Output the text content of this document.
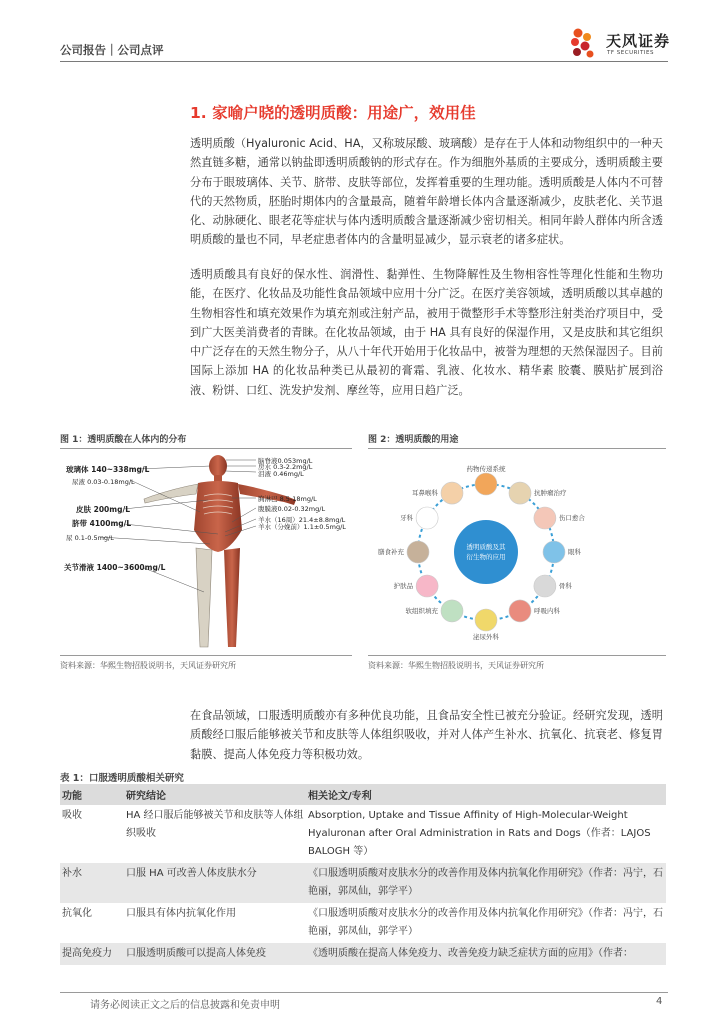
公司报告｜公司点评	天风证券
TF SECURITIES
1. 家喻户晓的透明质酸：用途广，效用佳

透明质酸（Hyaluronic Acid、HA，又称玻尿酸、玻璃酸）是存在于人体和动物组织中的一种天然直链多糖，通常以钠盐即透明质酸钠的形式存在。作为细胞外基质的主要成分，透明质酸主要分布于眼玻璃体、关节、脐带、皮肤等部位，发挥着重要的生理功能。透明质酸是人体内不可替代的天然物质，胚胎时期体内的含量最高，随着年龄增长体内含量逐渐减少，皮肤老化、关节退化、动脉硬化、眼老花等症状与体内透明质酸含量逐渐减少密切相关。相同年龄人群体内所含透明质酸的量也不同，早老症患者体内的含量明显减少，显示衰老的诸多症状。

透明质酸具有良好的保水性、润滑性、黏弹性、生物降解性及生物相容性等理化性能和生物功能，在医疗、化妆品及功能性食品领域中应用十分广泛。在医疗美容领域，透明质酸以其卓越的生物相容性和填充效果作为填充剂或注射产品，被用于微整形手术等整形注射类治疗项目中，受到广大医美消费者的青睐。在化妆品领域，由于 HA 具有良好的保湿作用，又是皮肤和其它组织中广泛存在的天然生物分子，从八十年代开始用于化妆品中，被誉为理想的天然保湿因子。目前国际上添加 HA 的化妆品种类已从最初的膏霜、乳液、化妆水、精华素 胶囊、膜贴扩展到浴液、粉饼、口红、洗发护发剂、摩丝等，应用日趋广泛。

图 1：透明质酸在人体内的分布
玻璃体 140~338mg/L
尿液 0.03-0.18mg/L
皮肤 200mg/L
脐带 4100mg/L
尿 0.1-0.5mg/L
关节滑液 1400~3600mg/L
脑脊液0.053mg/L
房水 0.3-2.2mg/L
泪液 0.46mg/L
胸淋巴 8.5-18mg/L
腹膜液0.02-0.32mg/L
羊水（16周）21.4±8.8mg/L
羊水（分娩前）1.1±0.5mg/L
资料来源：华熙生物招股说明书，天风证券研究所
图 2：透明质酸的用途
透明质酸及其
衍生物的应用
药物传递系统
抗肿瘤治疗
伤口愈合
眼科
骨科
呼吸内科
泌尿外科
软组织填充
护肤品
膳食补充
牙科
耳鼻喉科
资料来源：华熙生物招股说明书，天风证券研究所

在食品领域，口服透明质酸亦有多种优良功能，且食品安全性已被充分验证。经研究发现，透明质酸经口服后能够被关节和皮肤等人体组织吸收，并对人体产生补水、抗氧化、抗衰老、修复胃黏膜、提高人体免疫力等积极功效。

表 1：口服透明质酸相关研究
功能	研究结论	相关论文/专利
吸收	HA 经口服后能够被关节和皮肤等人体组织吸收	Absorption, Uptake and Tissue Affinity of High-Molecular-Weight Hyaluronan after Oral Administration in Rats and Dogs（作者：LAJOS BALOGH 等）
补水	口服 HA 可改善人体皮肤水分	《口服透明质酸对皮肤水分的改善作用及体内抗氧化作用研究》（作者：冯宁，石艳丽，郭凤仙，郭学平）
抗氧化	口服具有体内抗氧化作用	《口服透明质酸对皮肤水分的改善作用及体内抗氧化作用研究》（作者：冯宁，石艳丽，郭凤仙，郭学平）
提高免疫力	口服透明质酸可以提高人体免疫	《透明质酸在提高人体免疫力、改善免疫力缺乏症状方面的应用》（作者：
请务必阅读正文之后的信息披露和免责申明	4
